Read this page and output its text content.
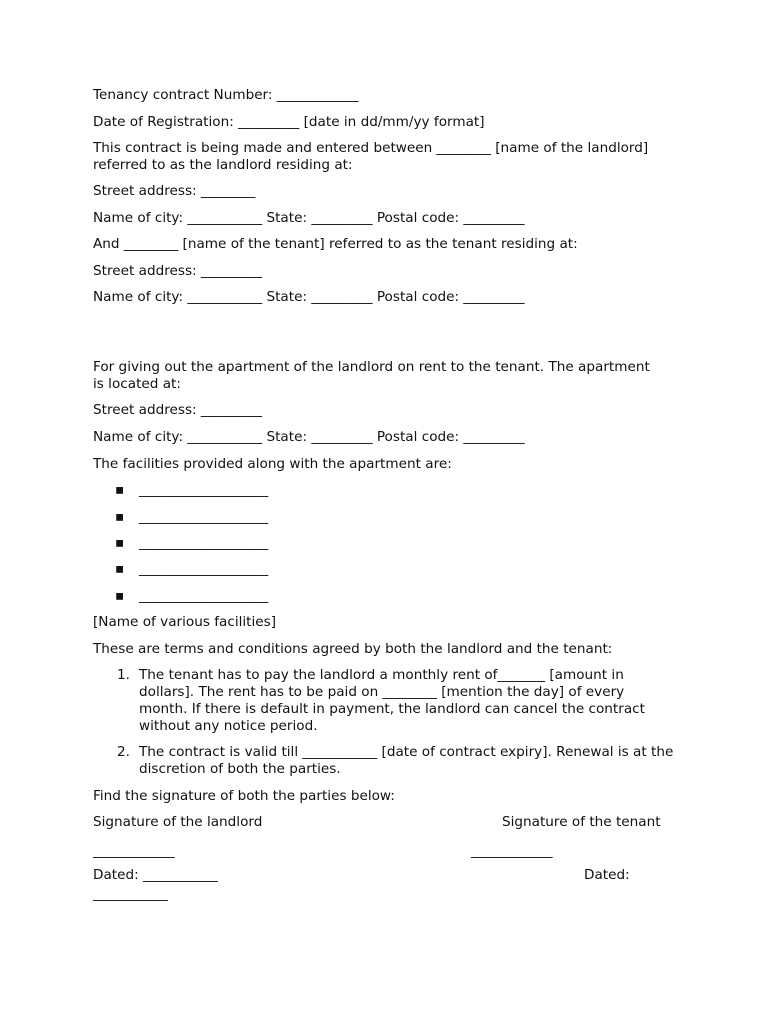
Tenancy contract Number: ____________
Date of Registration: _________ [date in dd/mm/yy format]
This contract is being made and entered between ________ [name of the landlord] referred to as the landlord residing at:
Street address: ________
Name of city: ___________ State: _________ Postal code: _________
And ________ [name of the tenant] referred to as the tenant residing at:
Street address: _________
Name of city: ___________ State: _________ Postal code: _________
For giving out the apartment of the landlord on rent to the tenant. The apartment is located at:
Street address: _________
Name of city: ___________ State: _________ Postal code: _________
The facilities provided along with the apartment are:
▪ ___________________
▪ ___________________
▪ ___________________
▪ ___________________
▪ ___________________
[Name of various facilities]
These are terms and conditions agreed by both the landlord and the tenant:
1. The tenant has to pay the landlord a monthly rent of_______ [amount in dollars]. The rent has to be paid on ________ [mention the day] of every month. If there is default in payment, the landlord can cancel the contract without any notice period.
2. The contract is valid till ___________ [date of contract expiry]. Renewal is at the discretion of both the parties.
Find the signature of both the parties below:
Signature of the landlord	Signature of the tenant
____________	____________
Dated: ___________	Dated:
___________
